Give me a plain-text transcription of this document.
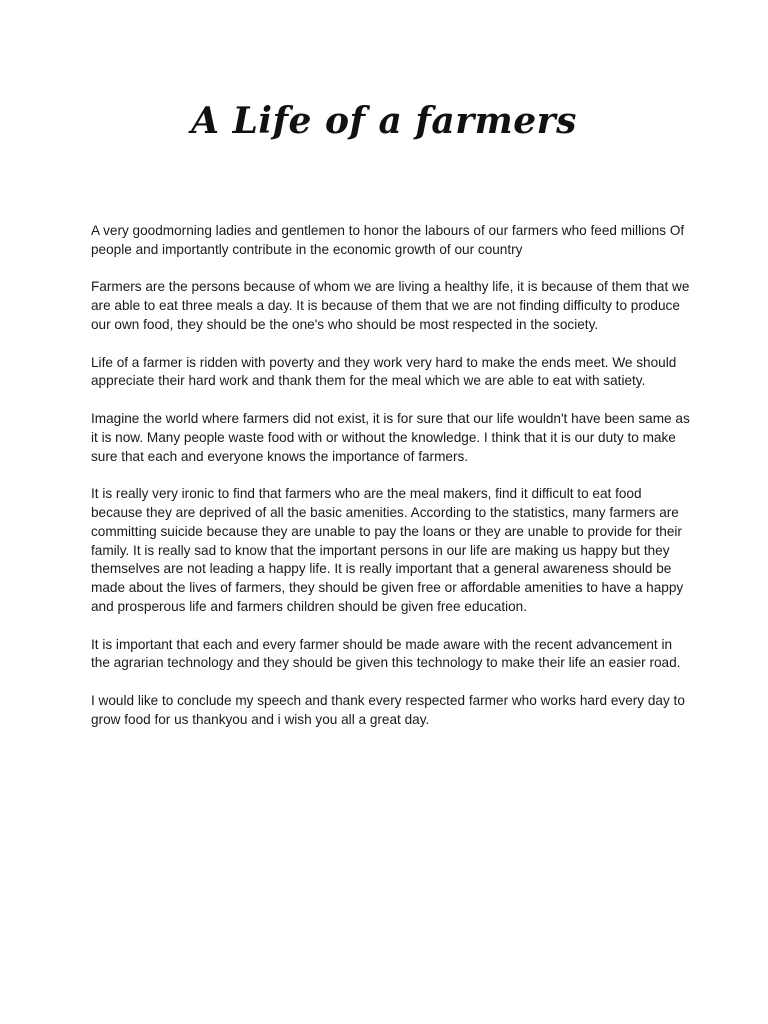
A Life of a farmers

A very goodmorning ladies and gentlemen to honor the labours of our farmers who feed millions Of people and importantly contribute in the economic growth of our country

Farmers are the persons because of whom we are living a healthy life, it is because of them that we are able to eat three meals a day. It is because of them that we are not finding difficulty to produce our own food, they should be the one's who should be most respected in the society.

Life of a farmer is ridden with poverty and they work very hard to make the ends meet. We should appreciate their hard work and thank them for the meal which we are able to eat with satiety.

Imagine the world where farmers did not exist, it is for sure that our life wouldn't have been same as it is now. Many people waste food with or without the knowledge. I think that it is our duty to make sure that each and everyone knows the importance of farmers.

It is really very ironic to find that farmers who are the meal makers, find it difficult to eat food because they are deprived of all the basic amenities. According to the statistics, many farmers are committing suicide because they are unable to pay the loans or they are unable to provide for their family. It is really sad to know that the important persons in our life are making us happy but they themselves are not leading a happy life. It is really important that a general awareness should be made about the lives of farmers, they should be given free or affordable amenities to have a happy and prosperous life and farmers children should be given free education.

It is important that each and every farmer should be made aware with the recent advancement in the agrarian technology and they should be given this technology to make their life an easier road.

I would like to conclude my speech and thank every respected farmer who works hard every day to grow food for us thankyou and i wish you all a great day.
